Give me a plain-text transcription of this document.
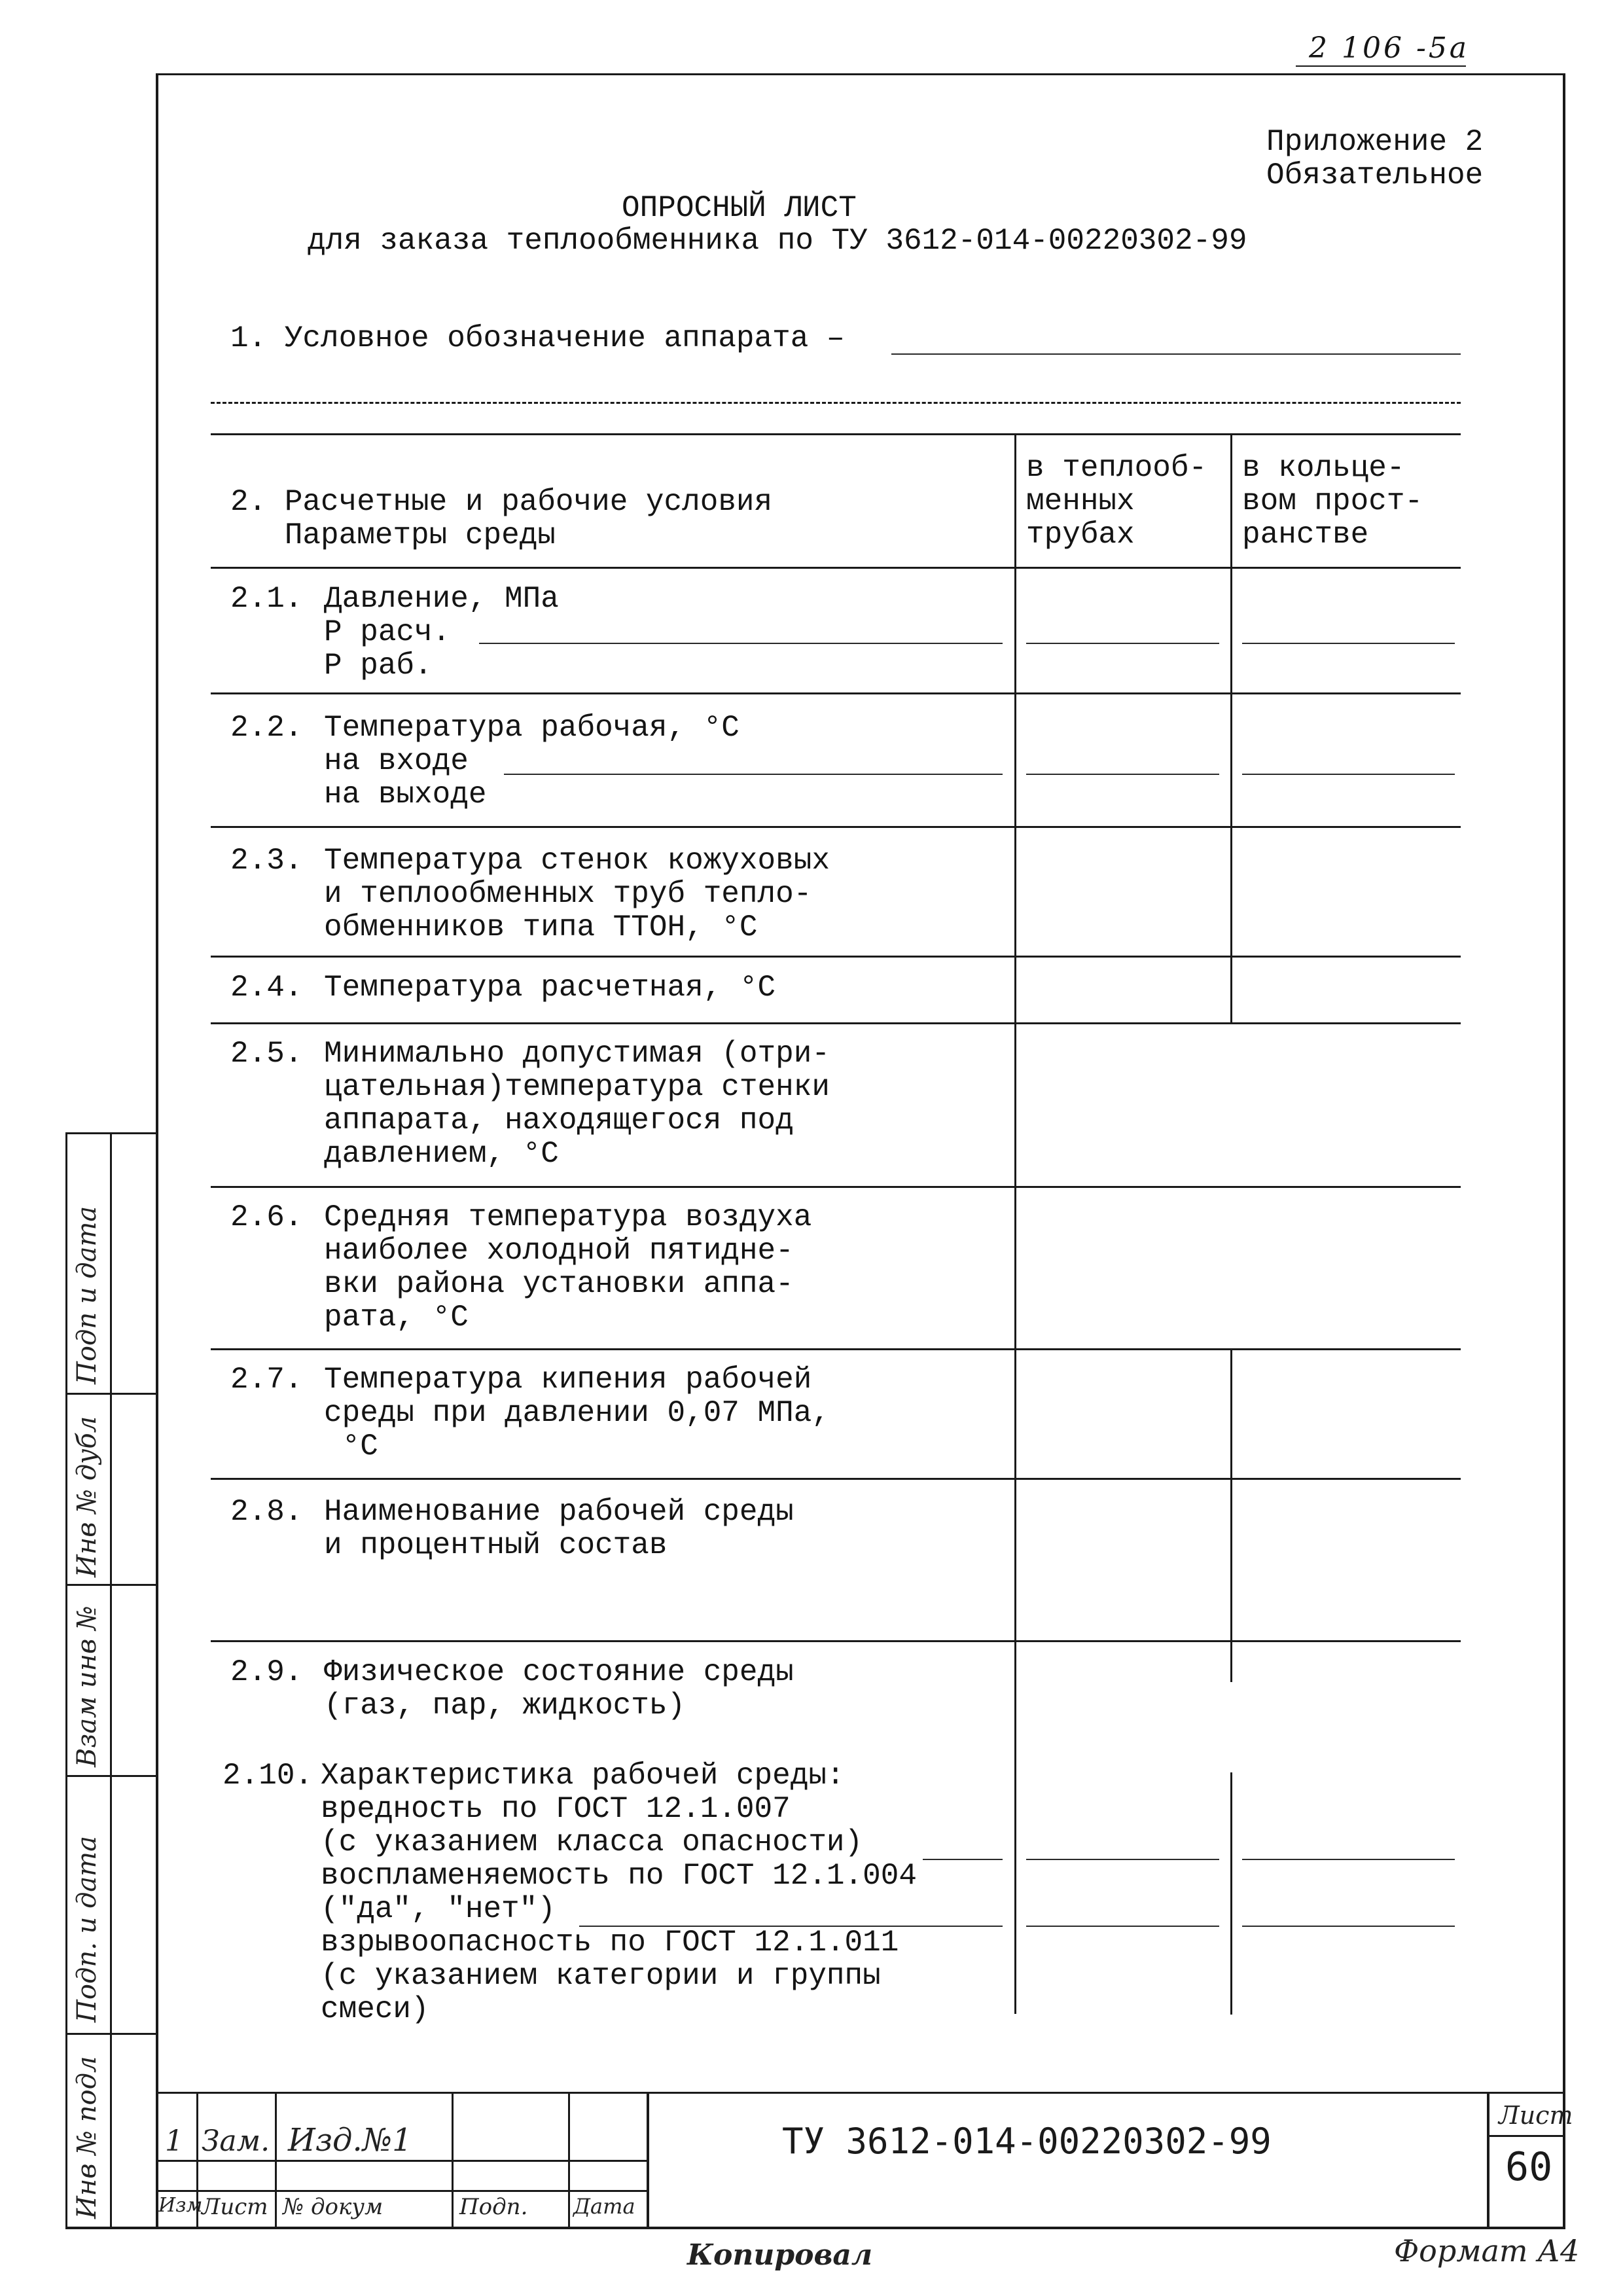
2 106 -5а
Приложение 2
Обязательное
ОПРОСНЫЙ ЛИСТ
для заказа теплообменника по ТУ 3612-014-00220302-99
1. Условное обозначение аппарата –
2. Расчетные и рабочие условия
Параметры среды
в теплооб-
менных
трубах
в кольце-
вом прост-
ранстве
2.1. Давление, МПа
Р расч.
Р раб.
2.2. Температура рабочая, °С
на входе
на выходе
2.3. Температура стенок кожуховых
и теплообменных труб тепло-
обменников типа ТТОН, °С
2.4. Температура расчетная, °С
2.5. Минимально допустимая (отри-
цательная)температура стенки
аппарата, находящегося под
давлением, °С
2.6. Средняя температура воздуха
наиболее холодной пятидне-
вки района установки аппа-
рата, °С
2.7. Температура кипения рабочей
среды при давлении 0,07 МПа,
°С
2.8. Наименование рабочей среды
и процентный состав
2.9. Физическое состояние среды
(газ, пар, жидкость)
2.10. Характеристика рабочей среды:
вредность по ГОСТ 12.1.007
(с указанием класса опасности)
воспламеняемость по ГОСТ 12.1.004
("да", "нет")
взрывоопасность по ГОСТ 12.1.011
(с указанием категории и группы
смеси)
Инв № подл
Подп. и дата
Взам инв №
Инв № дубл
Подп и дата
1 Зам. Изд.№1
Изм
Лист № докум	Подп. Дата
ТУ 3612-014-00220302-99
Лист
60
Копировал	Формат А4
